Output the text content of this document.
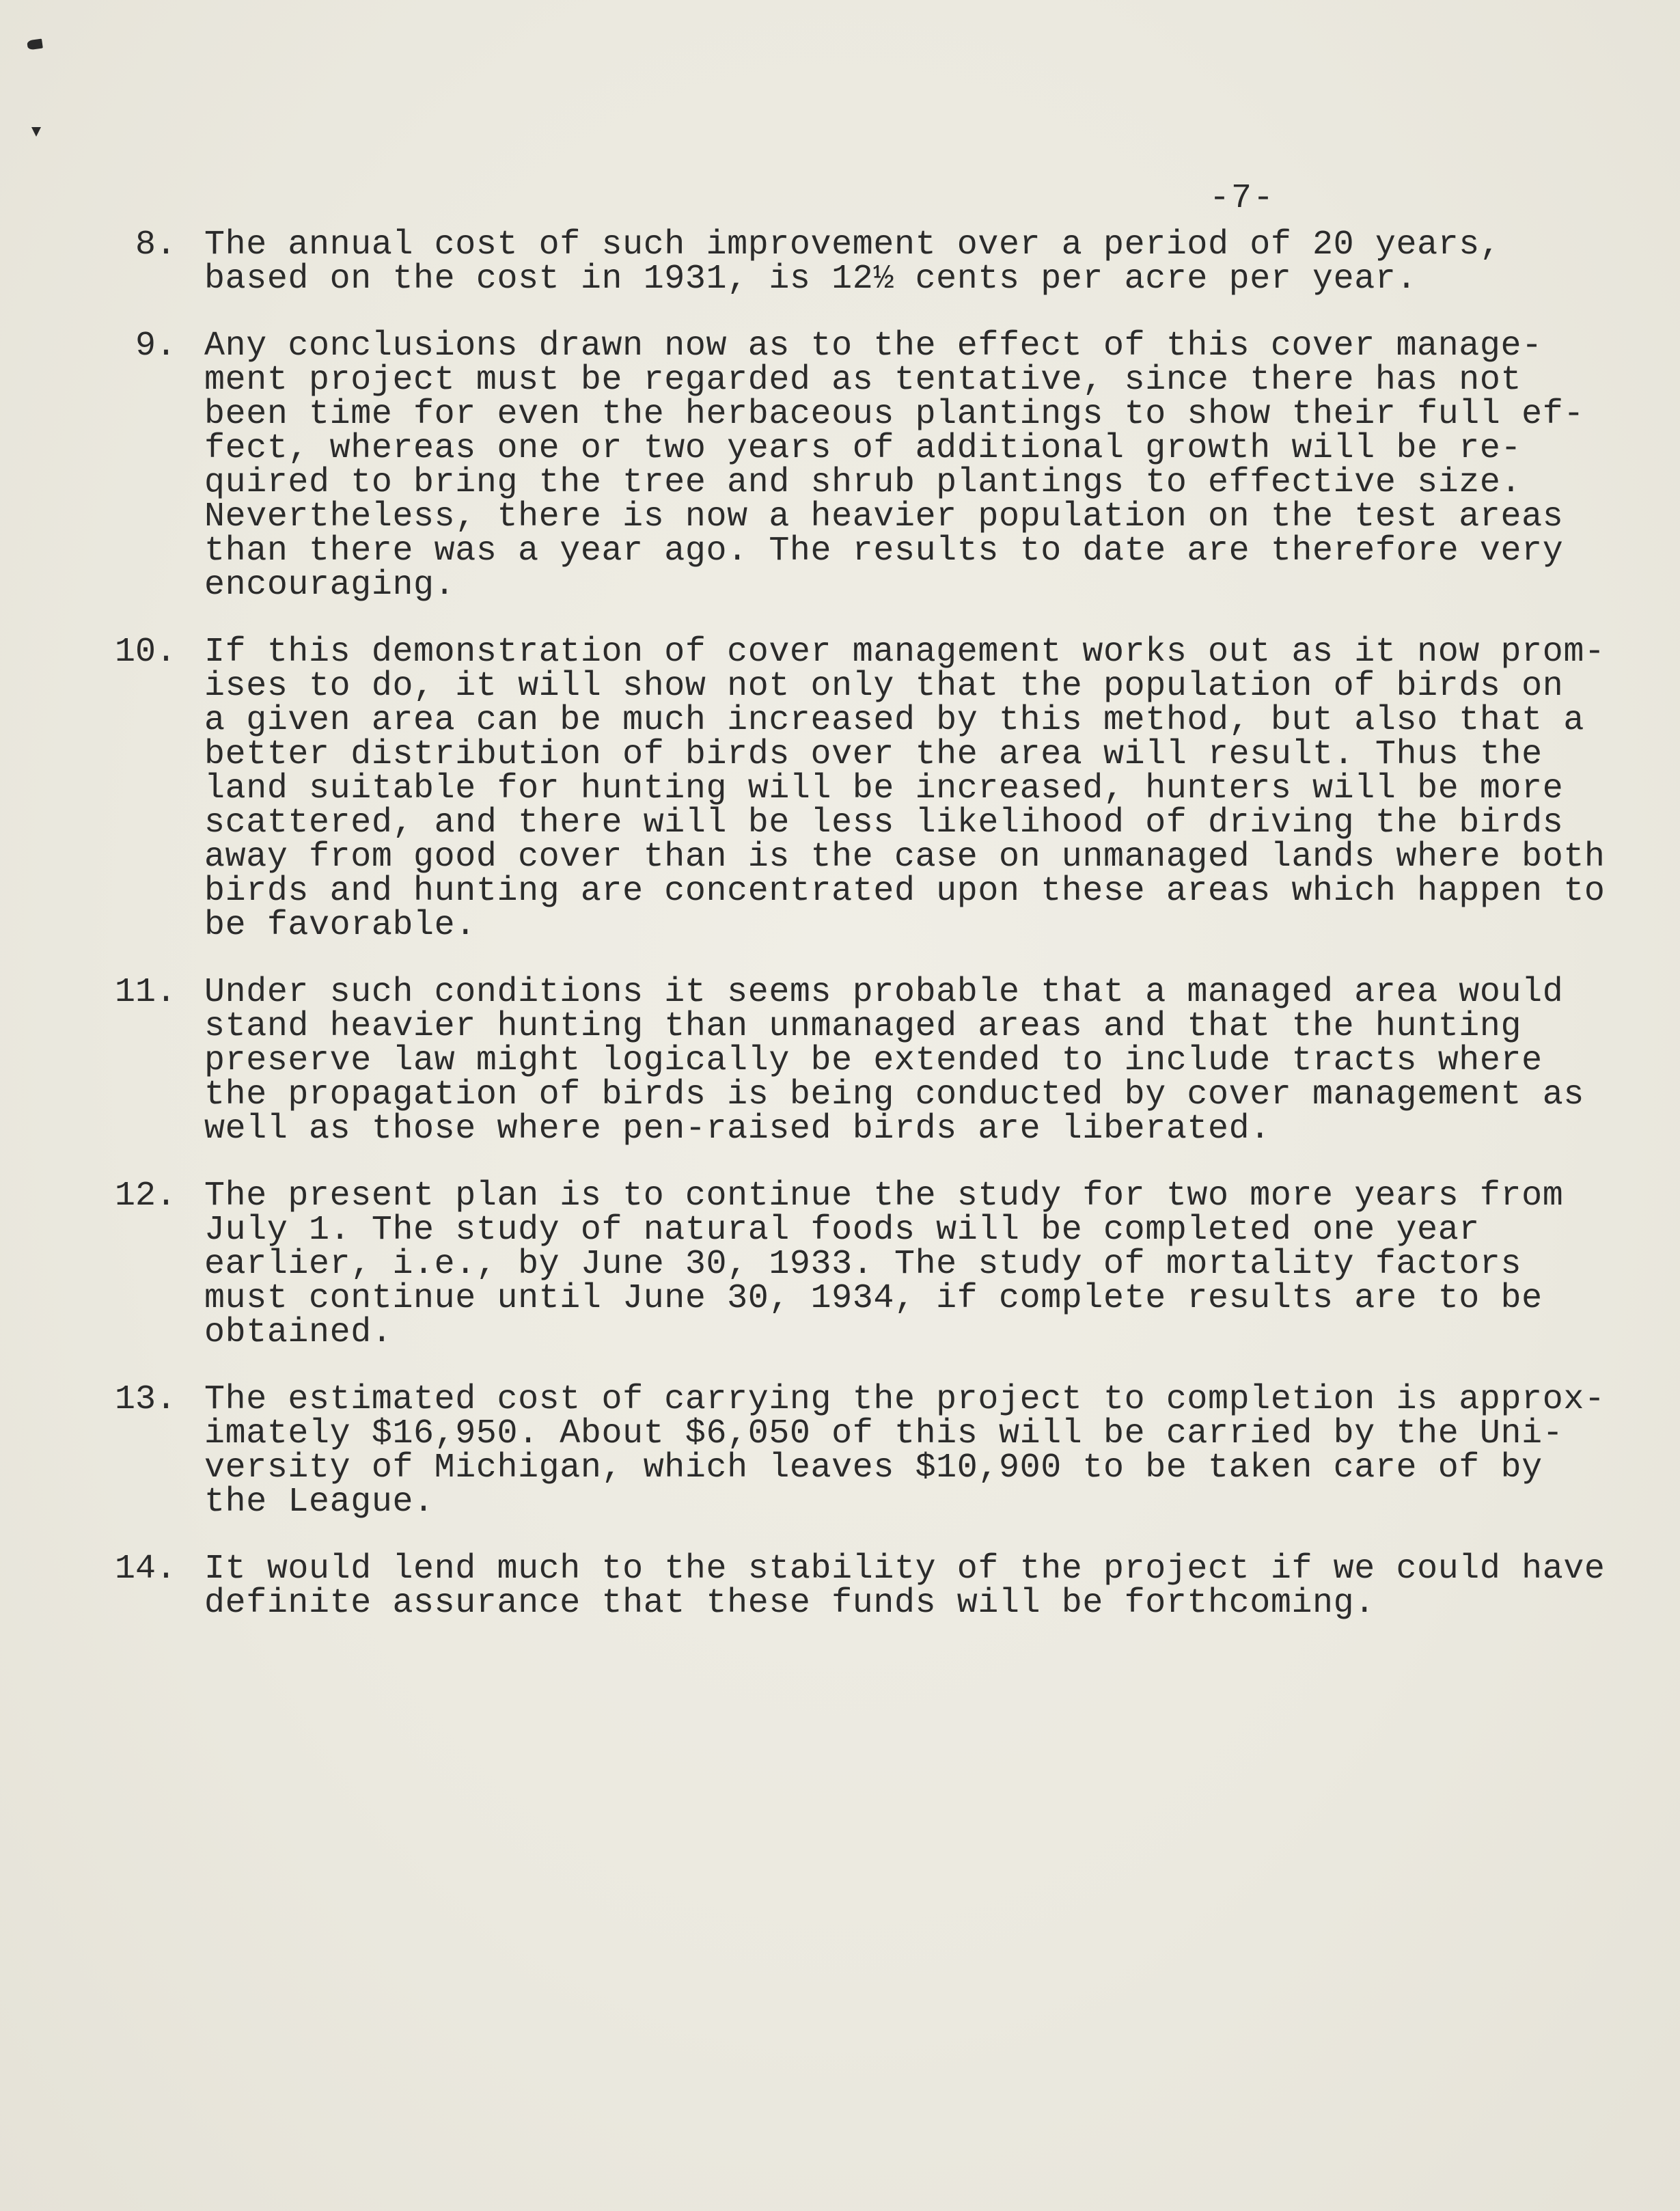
-7-
8. The annual cost of such improvement over a period of 20 years,
based on the cost in 1931, is 12½ cents per acre per year.
9. Any conclusions drawn now as to the effect of this cover manage-
ment project must be regarded as tentative, since there has not
been time for even the herbaceous plantings to show their full ef-
fect, whereas one or two years of additional growth will be re-
quired to bring the tree and shrub plantings to effective size.
Nevertheless, there is now a heavier population on the test areas
than there was a year ago. The results to date are therefore very
encouraging.
10. If this demonstration of cover management works out as it now prom-
ises to do, it will show not only that the population of birds on
a given area can be much increased by this method, but also that a
better distribution of birds over the area will result. Thus the
land suitable for hunting will be increased, hunters will be more
scattered, and there will be less likelihood of driving the birds
away from good cover than is the case on unmanaged lands where both
birds and hunting are concentrated upon these areas which happen to
be favorable.
11. Under such conditions it seems probable that a managed area would
stand heavier hunting than unmanaged areas and that the hunting
preserve law might logically be extended to include tracts where
the propagation of birds is being conducted by cover management as
well as those where pen-raised birds are liberated.
12. The present plan is to continue the study for two more years from
July 1. The study of natural foods will be completed one year
earlier, i.e., by June 30, 1933. The study of mortality factors
must continue until June 30, 1934, if complete results are to be
obtained.
13. The estimated cost of carrying the project to completion is approx-
imately $16,950. About $6,050 of this will be carried by the Uni-
versity of Michigan, which leaves $10,900 to be taken care of by
the League.
14. It would lend much to the stability of the project if we could have
definite assurance that these funds will be forthcoming.
